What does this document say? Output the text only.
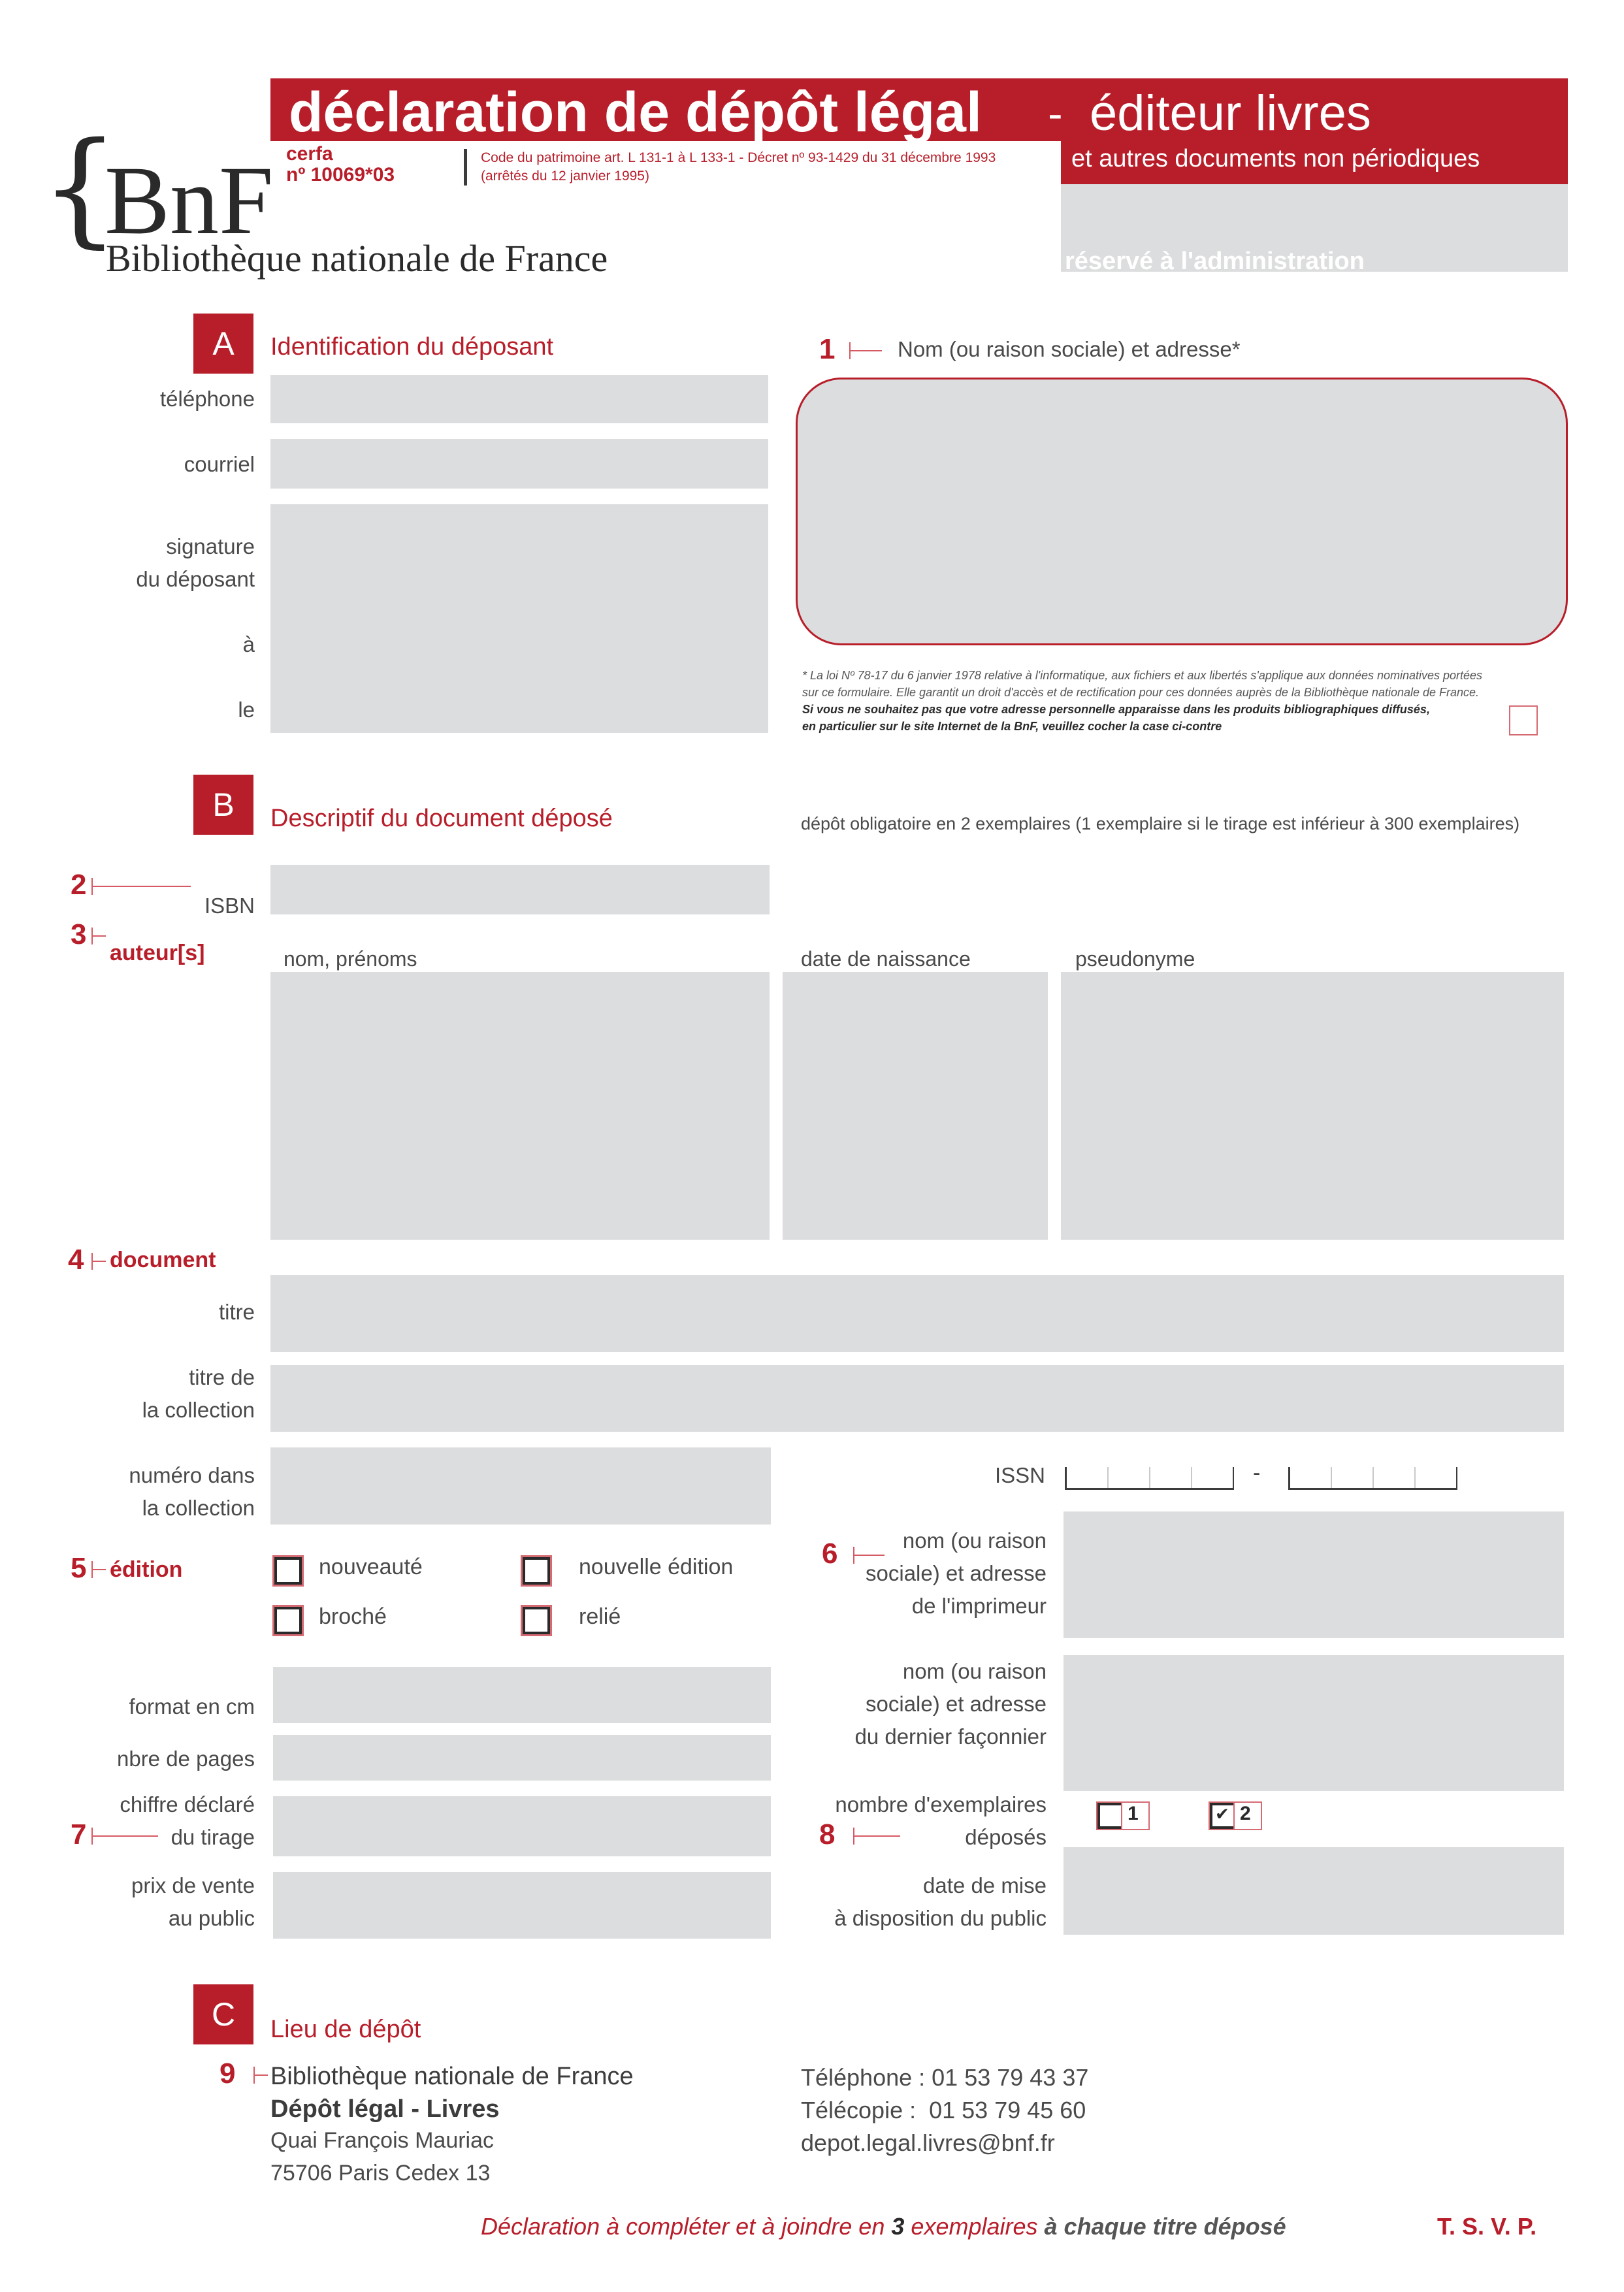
déclaration de dépôt légal - éditeur livres
et autres documents non périodiques
cerfa
nº 10069*03
Code du patrimoine art. L 131-1 à L 133-1 - Décret nº 93-1429 du 31 décembre 1993
(arrêtés du 12 janvier 1995)
réservé à l'administration
{
BnF
Bibliothèque nationale de France
A	Identification du déposant
téléphone
courriel
signature
du déposant
à
le
1	Nom (ou raison sociale) et adresse*
* La loi Nº 78-17 du 6 janvier 1978 relative à l'informatique, aux fichiers et aux libertés s'applique aux données nominatives portées
sur ce formulaire. Elle garantit un droit d'accès et de rectification pour ces données auprès de la Bibliothèque nationale de France.
Si vous ne souhaitez pas que votre adresse personnelle apparaisse dans les produits bibliographiques diffusés,
en particulier sur le site Internet de la BnF, veuillez cocher la case ci-contre
B	Descriptif du document déposé	dépôt obligatoire en 2 exemplaires (1 exemplaire si le tirage est inférieur à 300 exemplaires)
2
ISBN
3
auteur[s]	nom, prénoms	date de naissance	pseudonyme
4 document
titre
titre de
la collection
numéro dans
la collection
ISSN	-
5 édition	nouveauté	nouvelle édition
broché	relié
6	nom (ou raison
sociale) et adresse
de l'imprimeur
nom (ou raison
sociale) et adresse
du dernier façonnier
format en cm
nbre de pages
chiffre déclaré
du tirage
7
prix de vente
au public
nombre d'exemplaires
déposés
8
1	✔ 2
date de mise
à disposition du public
C	Lieu de dépôt
9 Bibliothèque nationale de France
Dépôt légal - Livres
Quai François Mauriac
75706 Paris Cedex 13
Téléphone : 01 53 79 43 37
Télécopie :  01 53 79 45 60
depot.legal.livres@bnf.fr
Déclaration à compléter et à joindre en 3 exemplaires à chaque titre déposé	T. S. V. P.
